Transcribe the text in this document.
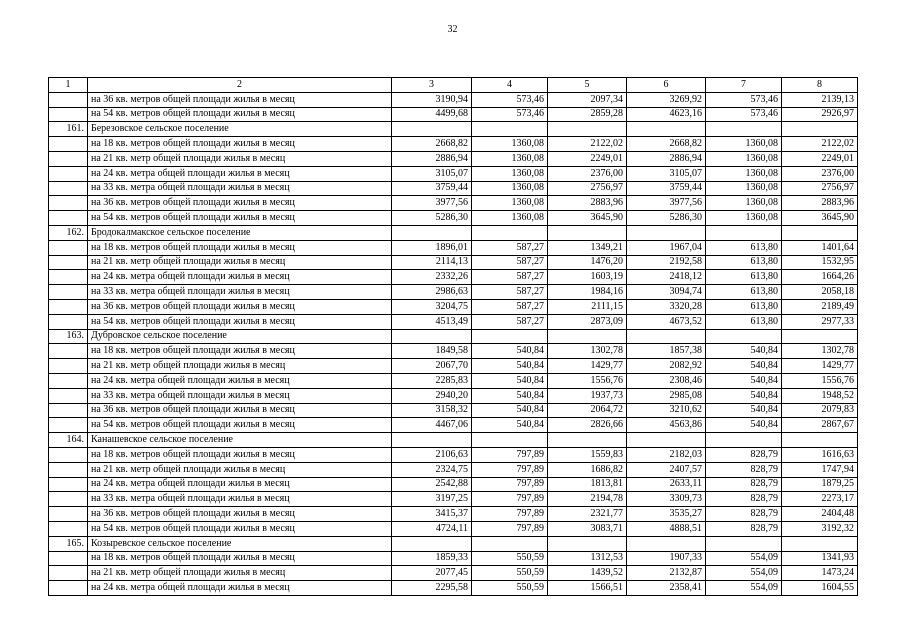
32
1	2	3	4	5	6	7	8
	на 36 кв. метров общей площади жилья в месяц	3190,94	573,46	2097,34	3269,92	573,46	2139,13
	на 54 кв. метров общей площади жилья в месяц	4499,68	573,46	2859,28	4623,16	573,46	2926,97
161.	Березовское сельское поселение						
	на 18 кв. метров общей площади жилья в месяц	2668,82	1360,08	2122,02	2668,82	1360,08	2122,02
	на 21 кв. метр общей площади жилья в месяц	2886,94	1360,08	2249,01	2886,94	1360,08	2249,01
	на 24 кв. метра общей площади жилья в месяц	3105,07	1360,08	2376,00	3105,07	1360,08	2376,00
	на 33 кв. метра общей площади жилья в месяц	3759,44	1360,08	2756,97	3759,44	1360,08	2756,97
	на 36 кв. метров общей площади жилья в месяц	3977,56	1360,08	2883,96	3977,56	1360,08	2883,96
	на 54 кв. метров общей площади жилья в месяц	5286,30	1360,08	3645,90	5286,30	1360,08	3645,90
162.	Бродокалмакское сельское поселение						
	на 18 кв. метров общей площади жилья в месяц	1896,01	587,27	1349,21	1967,04	613,80	1401,64
	на 21 кв. метр общей площади жилья в месяц	2114,13	587,27	1476,20	2192,58	613,80	1532,95
	на 24 кв. метра общей площади жилья в месяц	2332,26	587,27	1603,19	2418,12	613,80	1664,26
	на 33 кв. метра общей площади жилья в месяц	2986,63	587,27	1984,16	3094,74	613,80	2058,18
	на 36 кв. метров общей площади жилья в месяц	3204,75	587,27	2111,15	3320,28	613,80	2189,49
	на 54 кв. метров общей площади жилья в месяц	4513,49	587,27	2873,09	4673,52	613,80	2977,33
163.	Дубровское сельское поселение						
	на 18 кв. метров общей площади жилья в месяц	1849,58	540,84	1302,78	1857,38	540,84	1302,78
	на 21 кв. метр общей площади жилья в месяц	2067,70	540,84	1429,77	2082,92	540,84	1429,77
	на 24 кв. метра общей площади жилья в месяц	2285,83	540,84	1556,76	2308,46	540,84	1556,76
	на 33 кв. метра общей площади жилья в месяц	2940,20	540,84	1937,73	2985,08	540,84	1948,52
	на 36 кв. метров общей площади жилья в месяц	3158,32	540,84	2064,72	3210,62	540,84	2079,83
	на 54 кв. метров общей площади жилья в месяц	4467,06	540,84	2826,66	4563,86	540,84	2867,67
164.	Канашевское сельское поселение						
	на 18 кв. метров общей площади жилья в месяц	2106,63	797,89	1559,83	2182,03	828,79	1616,63
	на 21 кв. метр общей площади жилья в месяц	2324,75	797,89	1686,82	2407,57	828,79	1747,94
	на 24 кв. метра общей площади жилья в месяц	2542,88	797,89	1813,81	2633,11	828,79	1879,25
	на 33 кв. метра общей площади жилья в месяц	3197,25	797,89	2194,78	3309,73	828,79	2273,17
	на 36 кв. метров общей площади жилья в месяц	3415,37	797,89	2321,77	3535,27	828,79	2404,48
	на 54 кв. метров общей площади жилья в месяц	4724,11	797,89	3083,71	4888,51	828,79	3192,32
165.	Козыревское сельское поселение						
	на 18 кв. метров общей площади жилья в месяц	1859,33	550,59	1312,53	1907,33	554,09	1341,93
	на 21 кв. метр общей площади жилья в месяц	2077,45	550,59	1439,52	2132,87	554,09	1473,24
	на 24 кв. метра общей площади жилья в месяц	2295,58	550,59	1566,51	2358,41	554,09	1604,55
